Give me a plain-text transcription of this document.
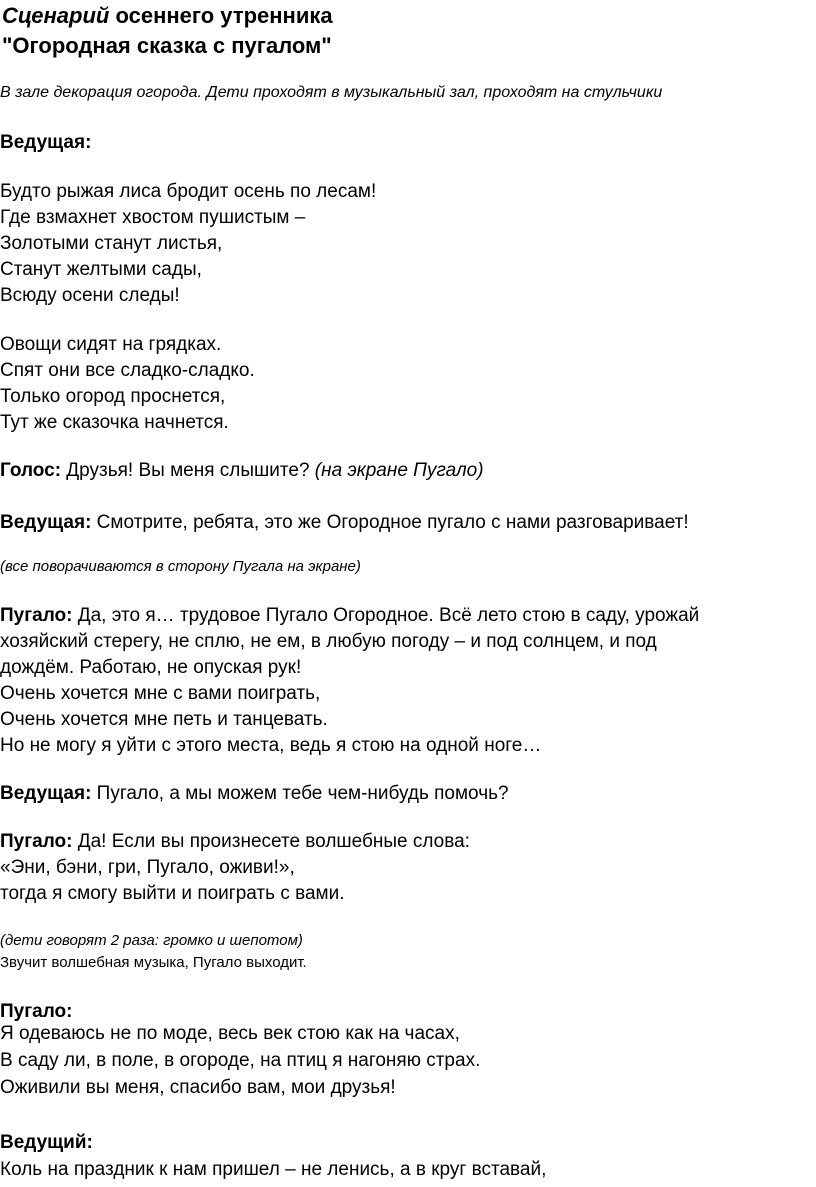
Сценарий осеннего утренника
"Огородная сказка с пугалом"
В зале декорация огорода. Дети проходят в музыкальный зал, проходят на стульчики
Ведущая:
Будто рыжая лиса бродит осень по лесам!
Где взмахнет хвостом пушистым –
Золотыми станут листья,
Станут желтыми сады,
Всюду осени следы!
Овощи сидят на грядках.
Спят они все сладко-сладко.
Только огород проснется,
Тут же сказочка начнется.
Голос: Друзья! Вы меня слышите? (на экране Пугало)
Ведущая: Смотрите, ребята, это же Огородное пугало с нами разговаривает!
(все поворачиваются в сторону Пугала на экране)
Пугало: Да, это я… трудовое Пугало Огородное. Всё лето стою в саду, урожай
хозяйский стерегу, не сплю, не ем, в любую погоду – и под солнцем, и под
дождём. Работаю, не опуская рук!
Очень хочется мне с вами поиграть,
Очень хочется мне петь и танцевать.
Но не могу я уйти с этого места, ведь я стою на одной ноге…
Ведущая: Пугало, а мы можем тебе чем-нибудь помочь?
Пугало: Да! Если вы произнесете волшебные слова:
«Эни, бэни, гри, Пугало, оживи!»,
тогда я смогу выйти и поиграть с вами.
(дети говорят 2 раза: громко и шепотом)
Звучит волшебная музыка, Пугало выходит.
Пугало:
Я одеваюсь не по моде, весь век стою как на часах,
В саду ли, в поле, в огороде, на птиц я нагоняю страх.
Оживили вы меня, спасибо вам, мои друзья!
Ведущий:
Коль на праздник к нам пришел – не ленись, а в круг вставай,
